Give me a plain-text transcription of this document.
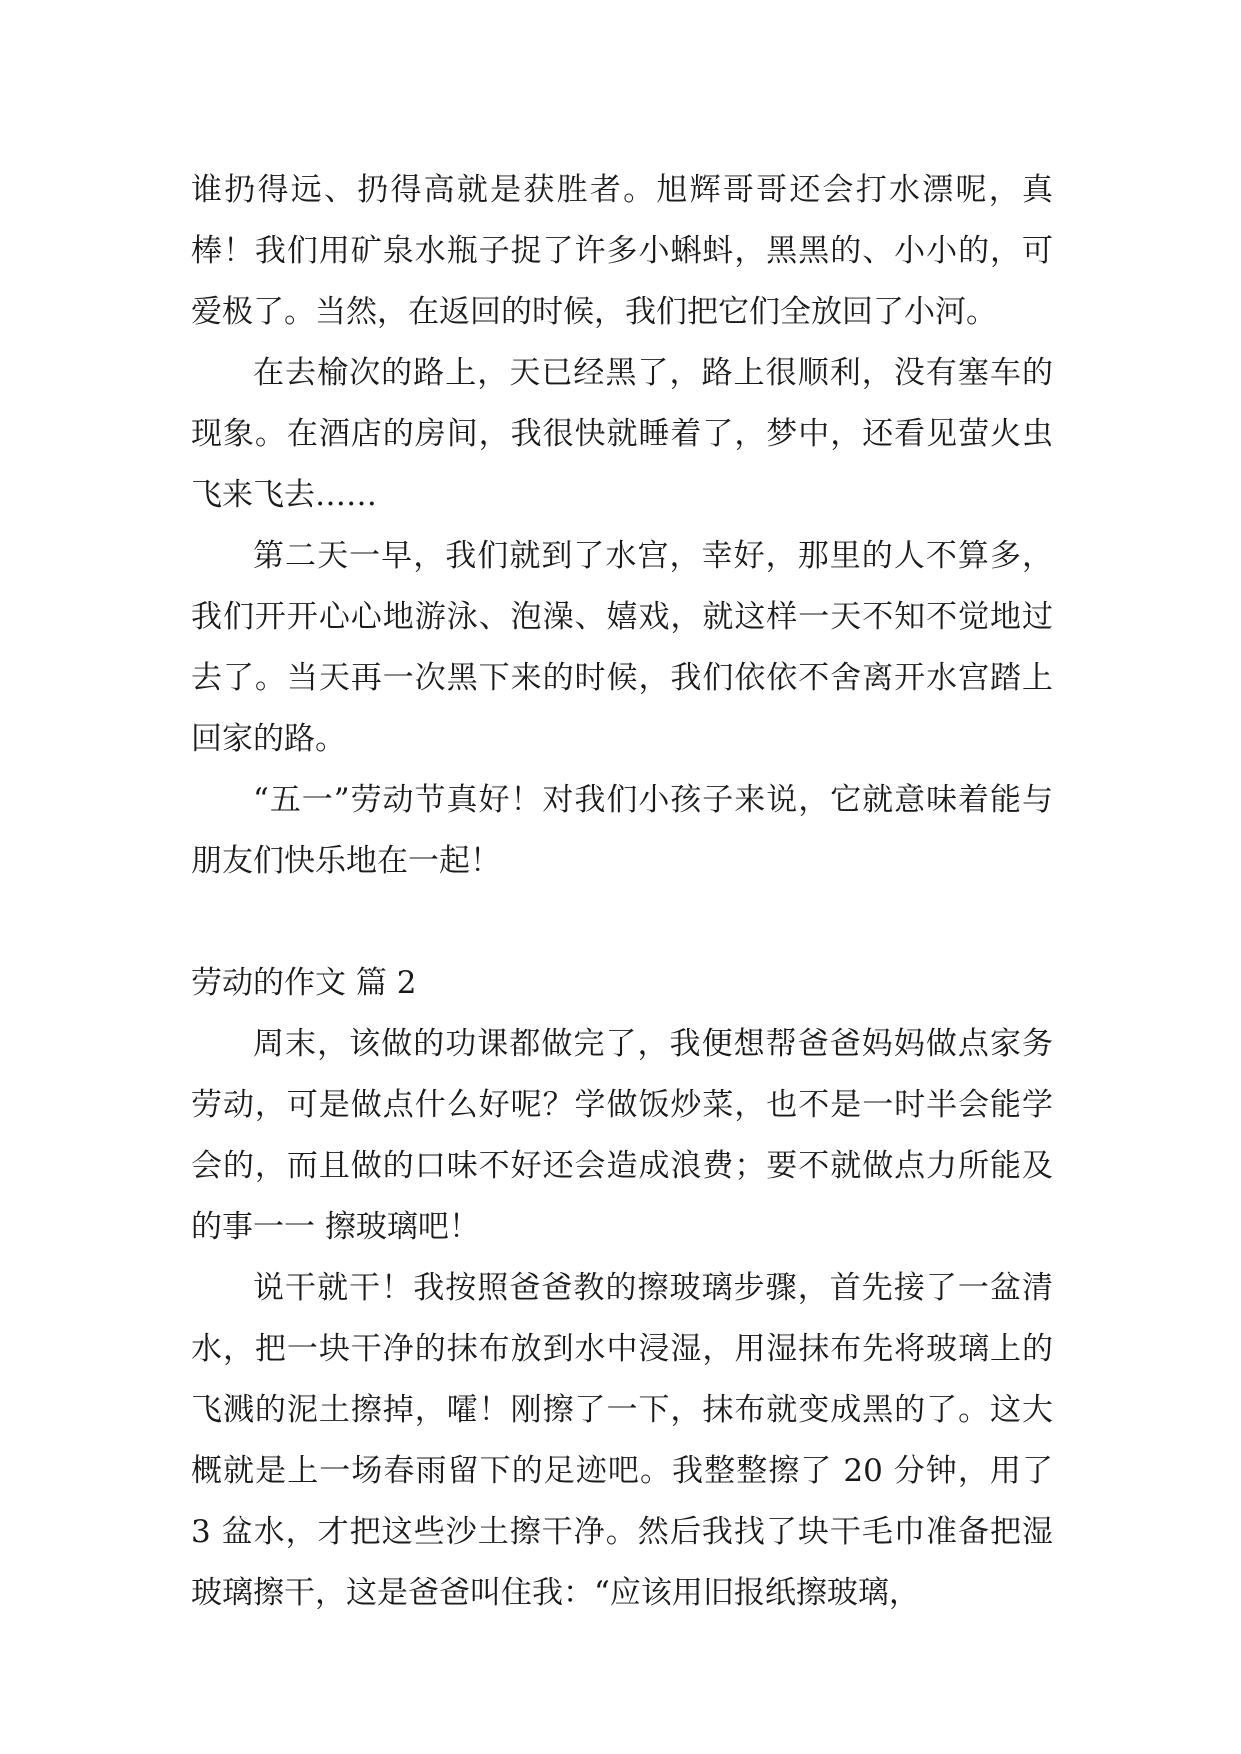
谁扔得远、扔得高就是获胜者。旭辉哥哥还会打水漂呢，真棒！我们用矿泉水瓶子捉了许多小蝌蚪，黑黑的、小小的，可爱极了。当然，在返回的时候，我们把它们全放回了小河。

在去榆次的路上，天已经黑了，路上很顺利，没有塞车的现象。在酒店的房间，我很快就睡着了，梦中，还看见萤火虫飞来飞去……

第二天一早，我们就到了水宫，幸好，那里的人不算多，我们开开心心地游泳、泡澡、嬉戏，就这样一天不知不觉地过去了。当天再一次黑下来的时候，我们依依不舍离开水宫踏上回家的路。

“五一”劳动节真好！对我们小孩子来说，它就意味着能与朋友们快乐地在一起！

劳动的作文 篇 2

周末，该做的功课都做完了，我便想帮爸爸妈妈做点家务劳动，可是做点什么好呢？学做饭炒菜，也不是一时半会能学会的，而且做的口味不好还会造成浪费；要不就做点力所能及的事一一 擦玻璃吧！

说干就干！我按照爸爸教的擦玻璃步骤，首先接了一盆清水，把一块干净的抹布放到水中浸湿，用湿抹布先将玻璃上的飞溅的泥土擦掉，嚯！刚擦了一下，抹布就变成黑的了。这大概就是上一场春雨留下的足迹吧。我整整擦了 20 分钟，用了 3 盆水，才把这些沙土擦干净。然后我找了块干毛巾准备把湿玻璃擦干，这是爸爸叫住我：“应该用旧报纸擦玻璃，
